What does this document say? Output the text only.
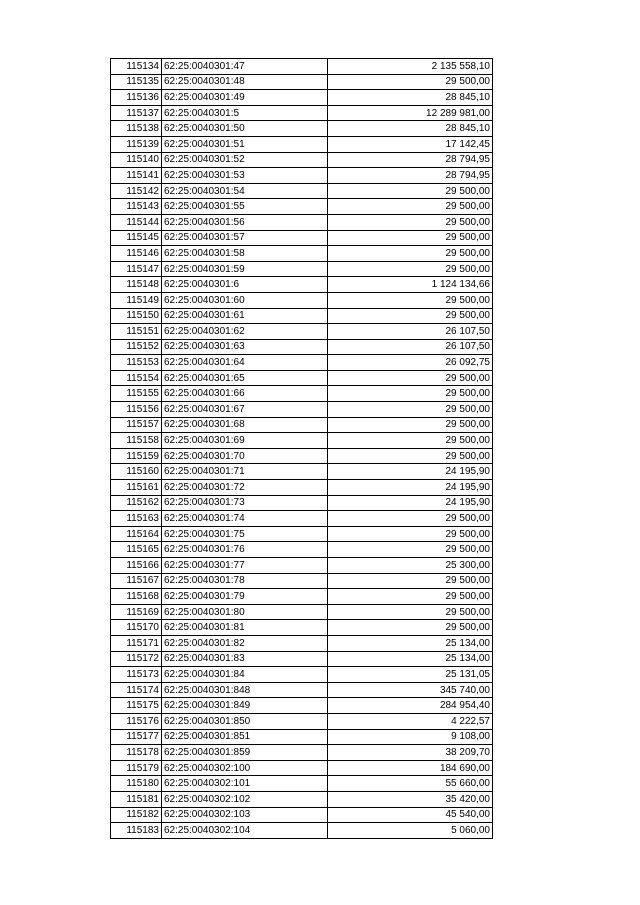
115134	62:25:0040301:47	2 135 558,10
115135	62:25:0040301:48	29 500,00
115136	62:25:0040301:49	28 845,10
115137	62:25:0040301:5	12 289 981,00
115138	62:25:0040301:50	28 845,10
115139	62:25:0040301:51	17 142,45
115140	62:25:0040301:52	28 794,95
115141	62:25:0040301:53	28 794,95
115142	62:25:0040301:54	29 500,00
115143	62:25:0040301:55	29 500,00
115144	62:25:0040301:56	29 500,00
115145	62:25:0040301:57	29 500,00
115146	62:25:0040301:58	29 500,00
115147	62:25:0040301:59	29 500,00
115148	62:25:0040301:6	1 124 134,66
115149	62:25:0040301:60	29 500,00
115150	62:25:0040301:61	29 500,00
115151	62:25:0040301:62	26 107,50
115152	62:25:0040301:63	26 107,50
115153	62:25:0040301:64	26 092,75
115154	62:25:0040301:65	29 500,00
115155	62:25:0040301:66	29 500,00
115156	62:25:0040301:67	29 500,00
115157	62:25:0040301:68	29 500,00
115158	62:25:0040301:69	29 500,00
115159	62:25:0040301:70	29 500,00
115160	62:25:0040301:71	24 195,90
115161	62:25:0040301:72	24 195,90
115162	62:25:0040301:73	24 195,90
115163	62:25:0040301:74	29 500,00
115164	62:25:0040301:75	29 500,00
115165	62:25:0040301:76	29 500,00
115166	62:25:0040301:77	25 300,00
115167	62:25:0040301:78	29 500,00
115168	62:25:0040301:79	29 500,00
115169	62:25:0040301:80	29 500,00
115170	62:25:0040301:81	29 500,00
115171	62:25:0040301:82	25 134,00
115172	62:25:0040301:83	25 134,00
115173	62:25:0040301:84	25 131,05
115174	62:25:0040301:848	345 740,00
115175	62:25:0040301:849	284 954,40
115176	62:25:0040301:850	4 222,57
115177	62:25:0040301:851	9 108,00
115178	62:25:0040301:859	38 209,70
115179	62:25:0040302:100	184 690,00
115180	62:25:0040302:101	55 660,00
115181	62:25:0040302:102	35 420,00
115182	62:25:0040302:103	45 540,00
115183	62:25:0040302:104	5 060,00
